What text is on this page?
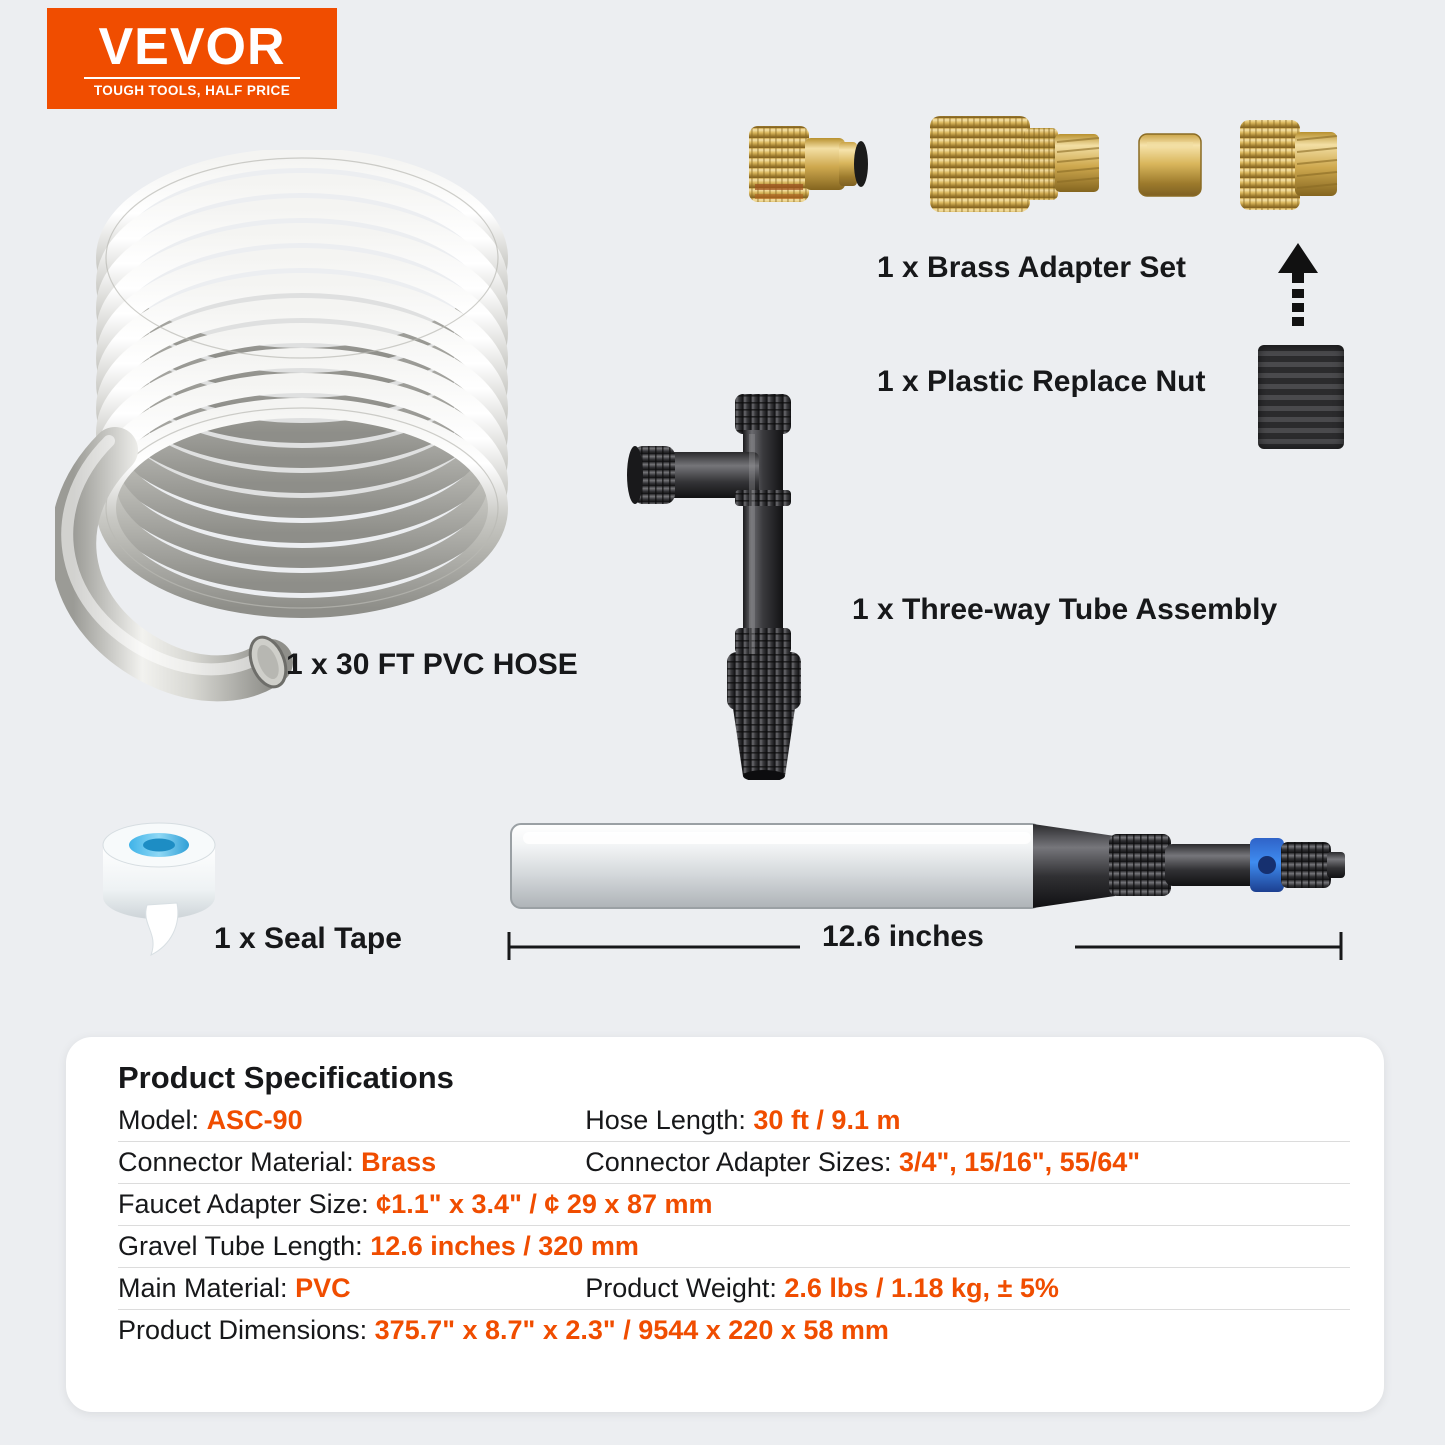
VEVOR
TOUGH TOOLS, HALF PRICE
1 x 30 FT PVC HOSE
1 x Brass Adapter Set
1 x Plastic Replace Nut
1 x Three-way Tube Assembly
1 x Seal Tape	12.6 inches
Product Specifications
Model: ASC-90	Hose Length: 30 ft / 9.1 m
Connector Material: Brass	Connector Adapter Sizes: 3/4", 15/16", 55/64"
Faucet Adapter Size: ¢1.1" x 3.4" / ¢ 29 x 87 mm	
Gravel Tube Length: 12.6 inches / 320 mm	
Main Material: PVC	Product Weight: 2.6 lbs / 1.18 kg, ± 5%
Product Dimensions: 375.7" x 8.7" x 2.3" / 9544 x 220 x 58 mm	
